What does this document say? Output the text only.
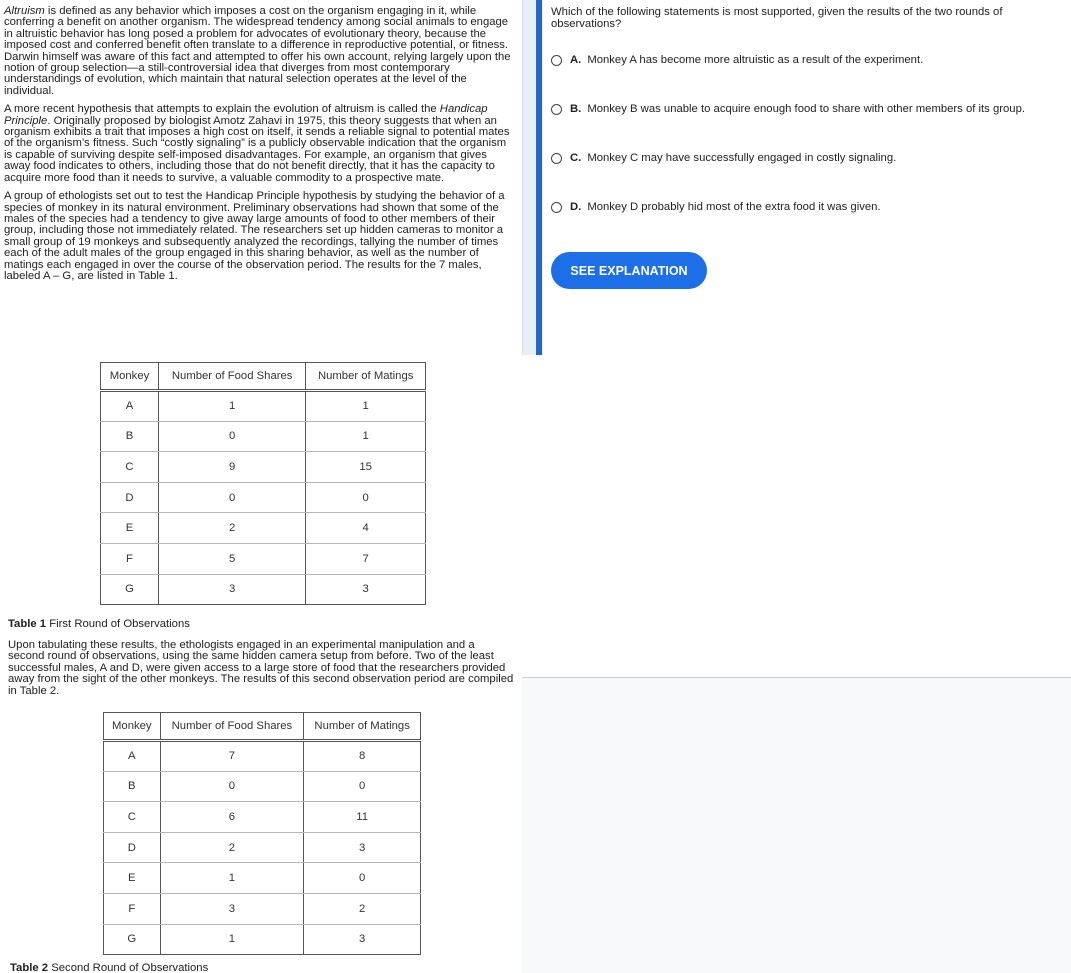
Altruism is defined as any behavior which imposes a cost on the organism engaging in it, while conferring a benefit on another organism. The widespread tendency among social animals to engage in altruistic behavior has long posed a problem for advocates of evolutionary theory, because the imposed cost and conferred benefit often translate to a difference in reproductive potential, or fitness. Darwin himself was aware of this fact and attempted to offer his own account, relying largely upon the notion of group selection—a still-controversial idea that diverges from most contemporary understandings of evolution, which maintain that natural selection operates at the level of the individual.

A more recent hypothesis that attempts to explain the evolution of altruism is called the Handicap Principle. Originally proposed by biologist Amotz Zahavi in 1975, this theory suggests that when an organism exhibits a trait that imposes a high cost on itself, it sends a reliable signal to potential mates of the organism’s fitness. Such “costly signaling” is a publicly observable indication that the organism is capable of surviving despite self-imposed disadvantages. For example, an organism that gives away food indicates to others, including those that do not benefit directly, that it has the capacity to acquire more food than it needs to survive, a valuable commodity to a prospective mate.

A group of ethologists set out to test the Handicap Principle hypothesis by studying the behavior of a species of monkey in its natural environment. Preliminary observations had shown that some of the males of the species had a tendency to give away large amounts of food to other members of their group, including those not immediately related. The researchers set up hidden cameras to monitor a small group of 19 monkeys and subsequently analyzed the recordings, tallying the number of times each of the adult males of the group engaged in this sharing behavior, as well as the number of matings each engaged in over the course of the observation period. The results for the 7 males, labeled A – G, are listed in Table 1.

Monkey	Number of Food Shares	Number of Matings
A	1	1
B	0	1
C	9	15
D	0	0
E	2	4
F	5	7
G	3	3
Table 1 First Round of Observations

Upon tabulating these results, the ethologists engaged in an experimental manipulation and a second round of observations, using the same hidden camera setup from before. Two of the least successful males, A and D, were given access to a large store of food that the researchers provided away from the sight of the other monkeys. The results of this second observation period are compiled in Table 2.

Monkey	Number of Food Shares	Number of Matings
A	7	8
B	0	0
C	6	11
D	2	3
E	1	0
F	3	2
G	1	3
Table 2 Second Round of Observations

Which of the following statements is most supported, given the results of the two rounds of observations?

A. Monkey A has become more altruistic as a result of the experiment.
B. Monkey B was unable to acquire enough food to share with other members of its group.
C. Monkey C may have successfully engaged in costly signaling.
D. Monkey D probably hid most of the extra food it was given.
SEE EXPLANATION
